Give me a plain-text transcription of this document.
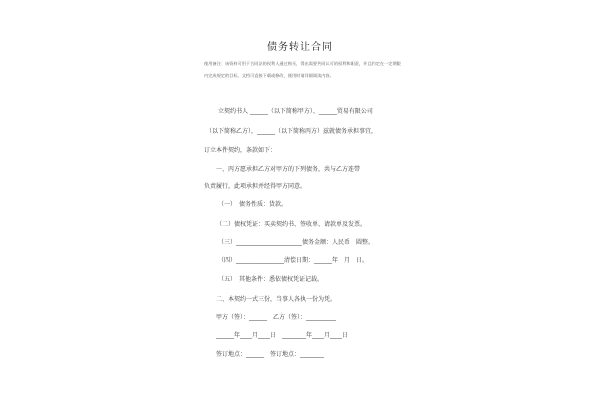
债务转让合同
使用备注：该资料可用于合同法的权利人通过购买，得出需要共同认可的权利和职责，并且约定在一定期限内完成规定的目标，文档可直接下载或修改，使用时请详细阅读内容。
立契约书人 ______（以下简称甲方）、______贸易有限公司
（以下简称乙方），______（以下简称丙方）兹就债务承担事宜，
订立本件契约，条款如下：
一、丙方愿承担乙方对甲方的下列债务，共与乙方连带
负责履行，此项承担并经得甲方同意。
（一）　债务性质：货款。
（二）债权凭证：买卖契约书、签收单、请款单及发票。
（三）______________________债务金额：人民币　圆整。
（四）________________清偿日期：______年　月　日。
（五）　其他条件：悉依债权凭证记载。
二、本契约一式三份，当事人各执一份为凭。
甲方（签）：______　乙方（签）：__________
______年____月____日　________年____月____日
签订地点：______　签订地点：________
